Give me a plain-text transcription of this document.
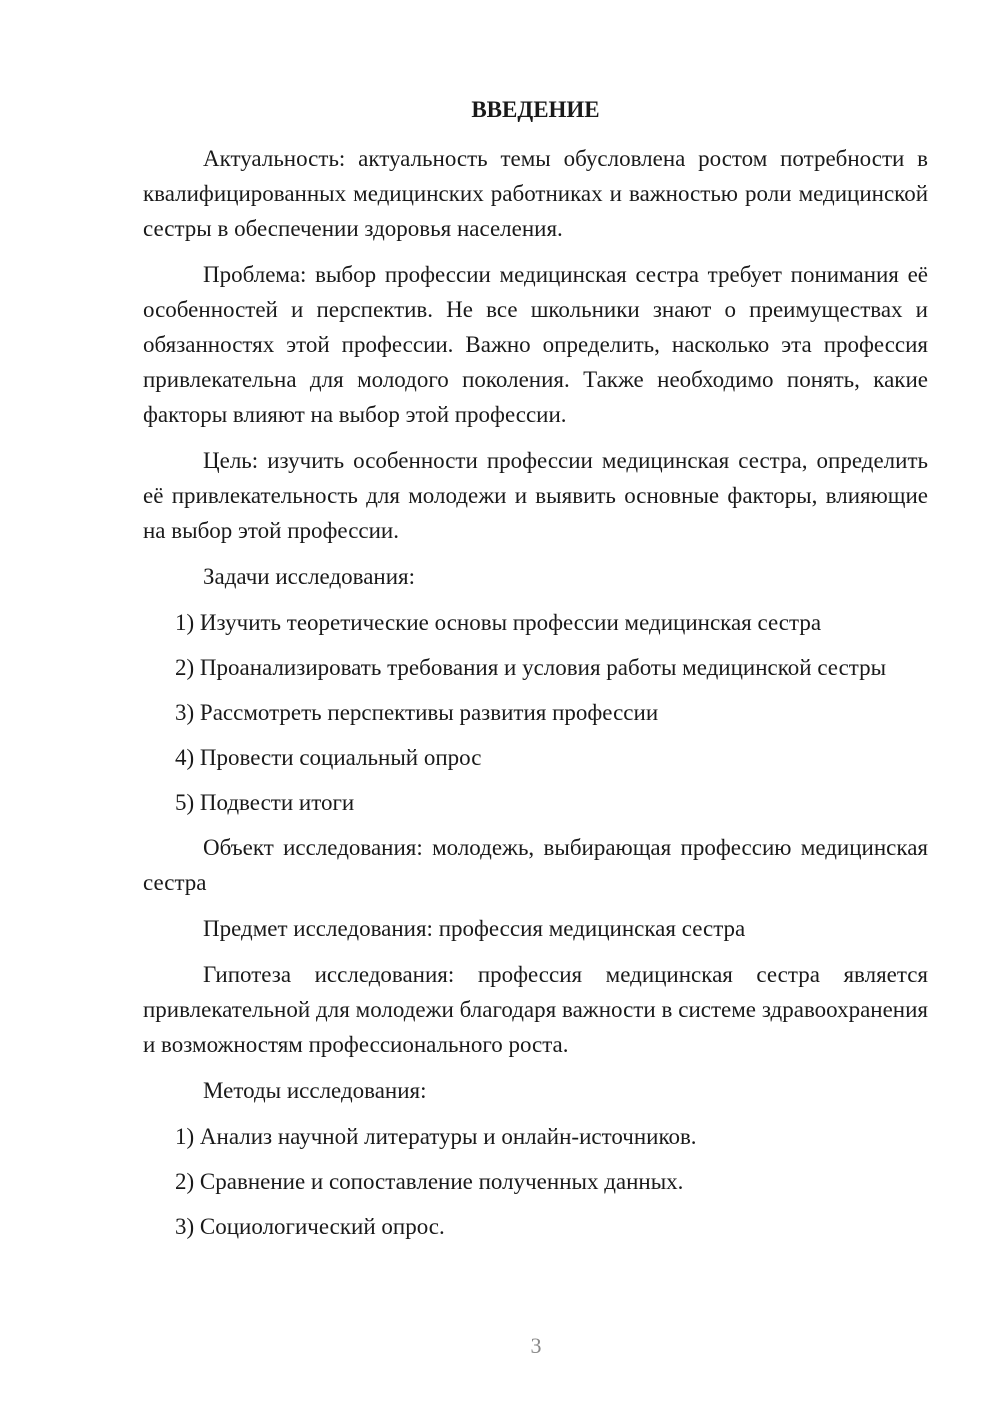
ВВЕДЕНИЕ
Актуальность: актуальность темы обусловлена ростом потребности в квалифицированных медицинских работниках и важностью роли медицинской сестры в обеспечении здоровья населения.
Проблема: выбор профессии медицинская сестра требует понимания её особенностей и перспектив. Не все школьники знают о преимуществах и обязанностях этой профессии. Важно определить, насколько эта профессия привлекательна для молодого поколения. Также необходимо понять, какие факторы влияют на выбор этой профессии.
Цель: изучить особенности профессии медицинская сестра, определить её привлекательность для молодежи и выявить основные факторы, влияющие на выбор этой профессии.
Задачи исследования:
1) Изучить теоретические основы профессии медицинская сестра
2) Проанализировать требования и условия работы медицинской сестры
3) Рассмотреть перспективы развития профессии
4) Провести социальный опрос
5) Подвести итоги
Объект исследования: молодежь, выбирающая профессию медицинская сестра
Предмет исследования: профессия медицинская сестра
Гипотеза исследования: профессия медицинская сестра является привлекательной для молодежи благодаря важности в системе здравоохранения и возможностям профессионального роста.
Методы исследования:
1) Анализ научной литературы и онлайн-источников.
2) Сравнение и сопоставление полученных данных.
3) Социологический опрос.
3
